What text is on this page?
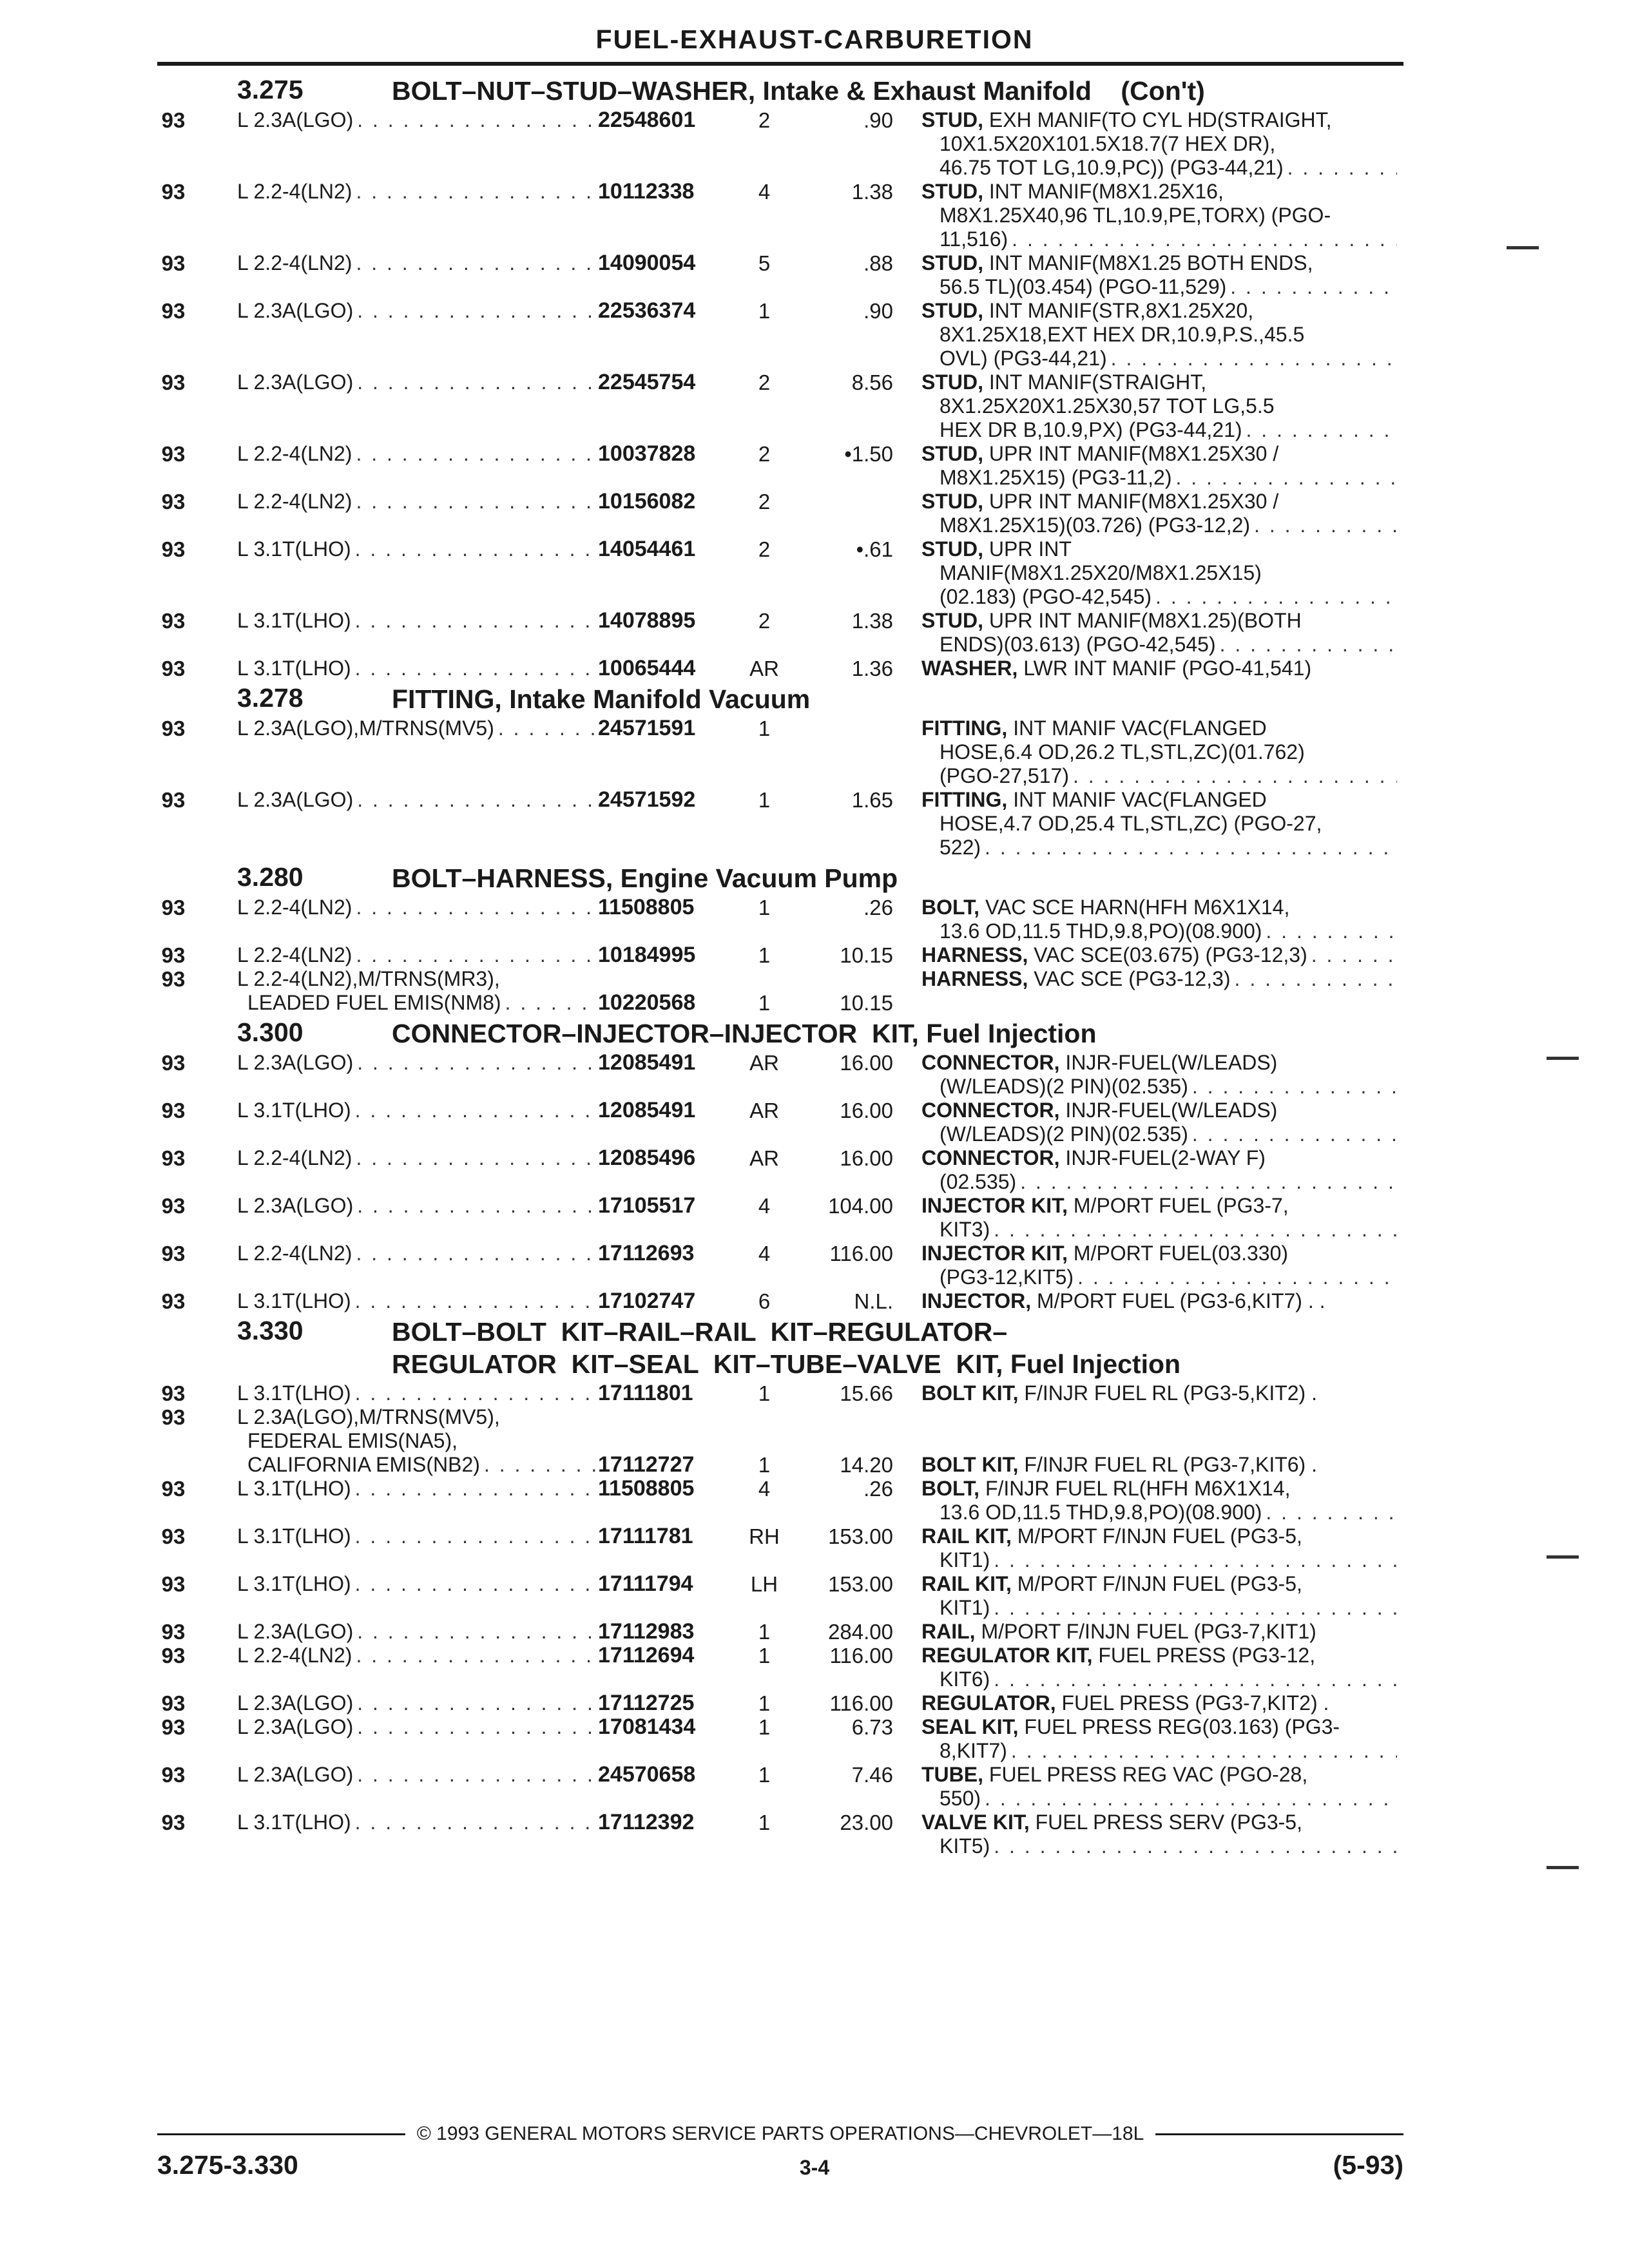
FUEL-EXHAUST-CARBURETION
3.275	BOLT–NUT–STUD–WASHER, Intake & Exhaust Manifold    (Con't)
93	L 2.3A(LGO) . . .	22548601	2	.90 STUD, EXH MANIF(TO CYL HD(STRAIGHT,
10X1.5X20X101.5X18.7(7 HEX DR),
46.75 TOT LG,10.9,PC)) (PG3-44,21)
. . .
93	L 2.2-4(LN2) . . .	10112338	4	1.38 STUD, INT MANIF(M8X1.25X16,
M8X1.25X40,96 TL,10.9,PE,TORX) (PGO-
11,516)
. . .
93	L 2.2-4(LN2) . . .	14090054	5	.88 STUD, INT MANIF(M8X1.25 BOTH ENDS,
56.5 TL)(03.454) (PGO-11,529)
. . .
93	L 2.3A(LGO) . . .	22536374	1	.90 STUD, INT MANIF(STR,8X1.25X20,
8X1.25X18,EXT HEX DR,10.9,P.S.,45.5
OVL) (PG3-44,21)
. . .
93	L 2.3A(LGO) . . .	22545754	2	8.56 STUD, INT MANIF(STRAIGHT,
8X1.25X20X1.25X30,57 TOT LG,5.5
HEX DR B,10.9,PX) (PG3-44,21)
. . .
93	L 2.2-4(LN2) . . .	10037828	2	•1.50 STUD, UPR INT MANIF(M8X1.25X30 /
M8X1.25X15) (PG3-11,2)
. . .
93	L 2.2-4(LN2) . . .	10156082	2	STUD, UPR INT MANIF(M8X1.25X30 /
M8X1.25X15)(03.726) (PG3-12,2)
. . .
93	L 3.1T(LHO) . . .	14054461	2	•.61 STUD, UPR INT
MANIF(M8X1.25X20/M8X1.25X15)
(02.183) (PGO-42,545)
. . .
93	L 3.1T(LHO) . . .	14078895	2	1.38 STUD, UPR INT MANIF(M8X1.25)(BOTH
ENDS)(03.613) (PGO-42,545)
. . .
93	L 3.1T(LHO) . . .	10065444	AR	1.36 WASHER, LWR INT MANIF (PGO-41,541)
3.278	FITTING, Intake Manifold Vacuum
93	L 2.3A(LGO),M/TRNS(MV5) . . .	24571591	1	FITTING, INT MANIF VAC(FLANGED
HOSE,6.4 OD,26.2 TL,STL,ZC)(01.762)
(PGO-27,517)
. . .
93	L 2.3A(LGO) . . .	24571592	1	1.65 FITTING, INT MANIF VAC(FLANGED
HOSE,4.7 OD,25.4 TL,STL,ZC) (PGO-27,
522)
. . .
3.280	BOLT–HARNESS, Engine Vacuum Pump
93	L 2.2-4(LN2) . . .	11508805	1	.26 BOLT, VAC SCE HARN(HFH M6X1X14,
13.6 OD,11.5 THD,9.8,PO)(08.900)
. . .
93	L 2.2-4(LN2) . . .	10184995	1	10.15 HARNESS, VAC SCE(03.675) (PG3-12,3)
. . .
93	L 2.2-4(LN2),M/TRNS(MR3),
LEADED FUEL EMIS(NM8) . . .	10220568	1	10.15
HARNESS, VAC SCE (PG3-12,3)
. . .
3.300	CONNECTOR–INJECTOR–INJECTOR  KIT, Fuel Injection
93	L 2.3A(LGO) . . .	12085491	AR	16.00 CONNECTOR, INJR-FUEL(W/LEADS)
(W/LEADS)(2 PIN)(02.535)
. . .
93	L 3.1T(LHO) . . .	12085491	AR	16.00 CONNECTOR, INJR-FUEL(W/LEADS)
(W/LEADS)(2 PIN)(02.535)
. . .
93	L 2.2-4(LN2) . . .	12085496	AR	16.00 CONNECTOR, INJR-FUEL(2-WAY F)
(02.535)
. . .
93	L 2.3A(LGO) . . .	17105517	4	104.00 INJECTOR KIT, M/PORT FUEL (PG3-7,
KIT3)
. . .
93	L 2.2-4(LN2) . . .	17112693	4	116.00 INJECTOR KIT, M/PORT FUEL(03.330)
(PG3-12,KIT5)
. . .
93	L 3.1T(LHO) . . .	17102747	6	N.L. INJECTOR, M/PORT FUEL (PG3-6,KIT7) . .
3.330	BOLT–BOLT  KIT–RAIL–RAIL  KIT–REGULATOR–
REGULATOR  KIT–SEAL  KIT–TUBE–VALVE  KIT, Fuel Injection
93	L 3.1T(LHO) . . .	17111801	1	15.66 BOLT KIT, F/INJR FUEL RL (PG3-5,KIT2) .
93	L 2.3A(LGO),M/TRNS(MV5),
FEDERAL EMIS(NA5),
CALIFORNIA EMIS(NB2) . . .	17112727	1	14.20 BOLT KIT, F/INJR FUEL RL (PG3-7,KIT6) .
93	L 3.1T(LHO) . . .	11508805	4	.26 BOLT, F/INJR FUEL RL(HFH M6X1X14,
13.6 OD,11.5 THD,9.8,PO)(08.900)
. . .
93	L 3.1T(LHO) . . .	17111781	RH	153.00 RAIL KIT, M/PORT F/INJN FUEL (PG3-5,
KIT1)
. . .
93	L 3.1T(LHO) . . .	17111794	LH	153.00 RAIL KIT, M/PORT F/INJN FUEL (PG3-5,
KIT1)
. . .
93	L 2.3A(LGO) . . .	17112983	1	284.00 RAIL, M/PORT F/INJN FUEL (PG3-7,KIT1)
93	L 2.2-4(LN2) . . .	17112694	1	116.00 REGULATOR KIT, FUEL PRESS (PG3-12,
KIT6)
. . .
93	L 2.3A(LGO) . . .	17112725	1	116.00 REGULATOR, FUEL PRESS (PG3-7,KIT2) .
93	L 2.3A(LGO) . . .	17081434	1	6.73 SEAL KIT, FUEL PRESS REG(03.163) (PG3-
8,KIT7)
. . .
93	L 2.3A(LGO) . . .	24570658	1	7.46 TUBE, FUEL PRESS REG VAC (PGO-28,
550)
. . .
93	L 3.1T(LHO) . . .	17112392	1	23.00 VALVE KIT, FUEL PRESS SERV (PG3-5,
KIT5)
. . .
© 1993 GENERAL MOTORS SERVICE PARTS OPERATIONS—CHEVROLET—18L
3.275-3.330	3-4	(5-93)
